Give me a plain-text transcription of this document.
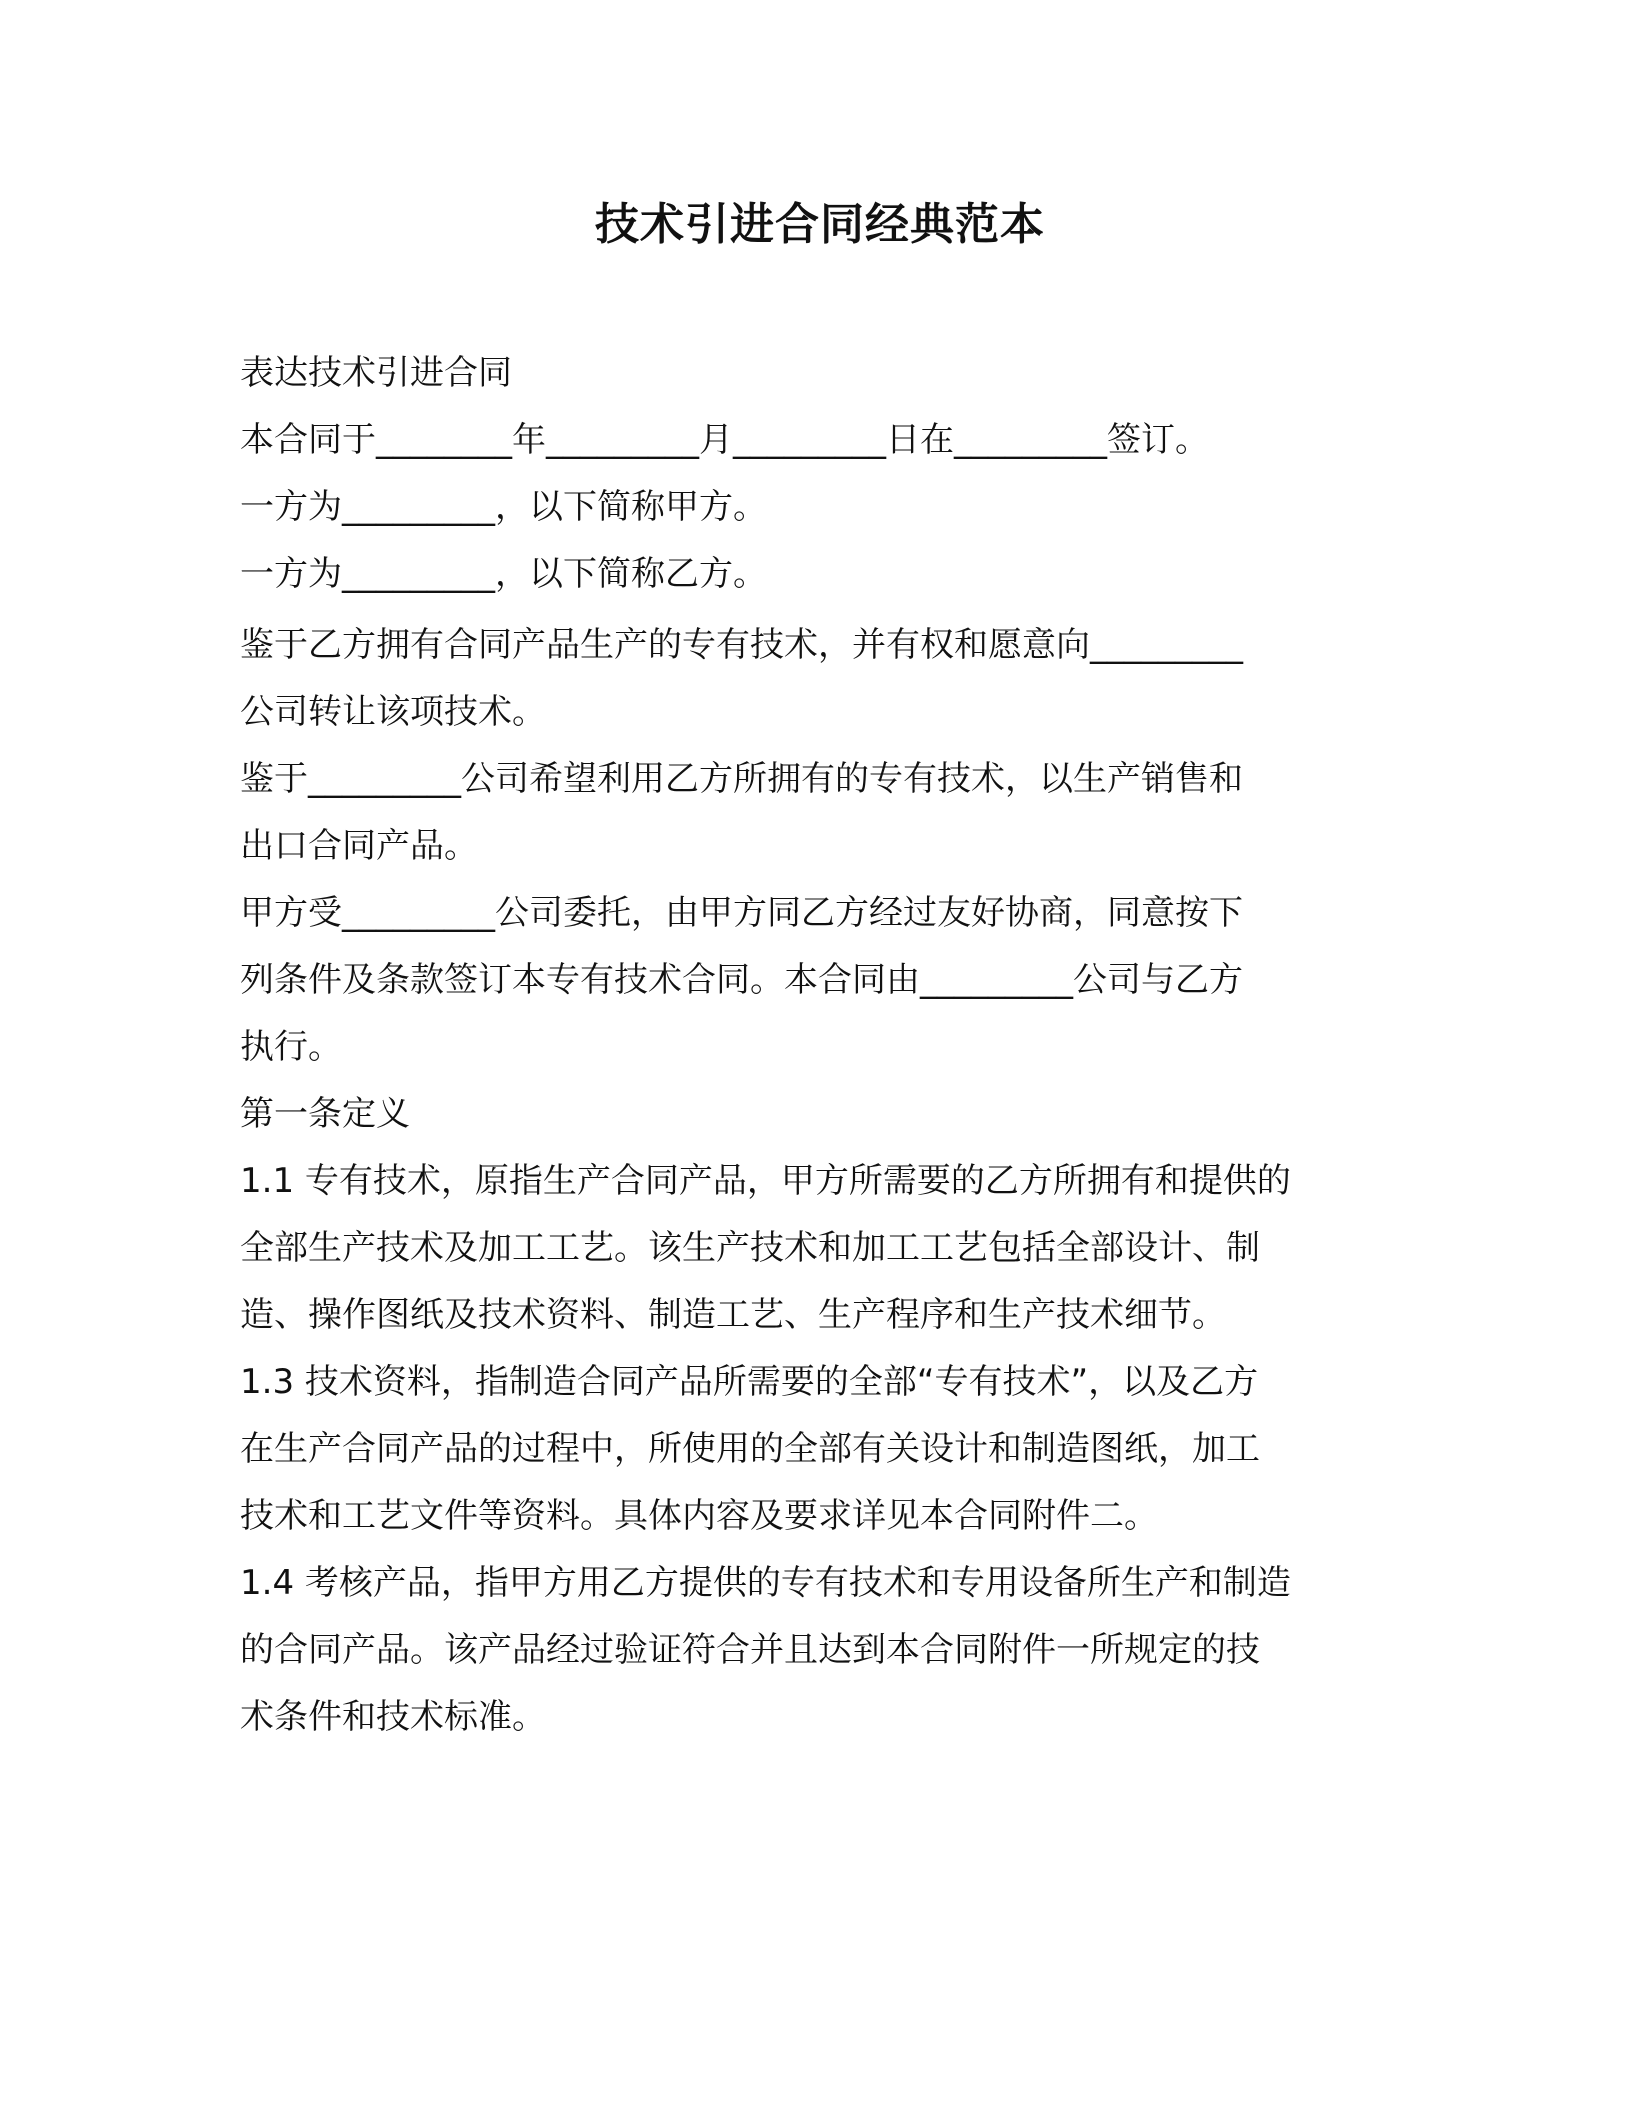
技术引进合同经典范本

表达技术引进合同

本合同于________年_________月_________日在_________签订。

一方为_________，以下简称甲方。

一方为_________，以下简称乙方。

鉴于乙方拥有合同产品生产的专有技术，并有权和愿意向_________
公司转让该项技术。

鉴于_________公司希望利用乙方所拥有的专有技术，以生产销售和
出口合同产品。

甲方受_________公司委托，由甲方同乙方经过友好协商，同意按下
列条件及条款签订本专有技术合同。本合同由_________公司与乙方
执行。

第一条定义

1.1 专有技术，原指生产合同产品，甲方所需要的乙方所拥有和提供的
全部生产技术及加工工艺。该生产技术和加工工艺包括全部设计、制
造、操作图纸及技术资料、制造工艺、生产程序和生产技术细节。

1.3 技术资料，指制造合同产品所需要的全部“专有技术”，以及乙方
在生产合同产品的过程中，所使用的全部有关设计和制造图纸，加工
技术和工艺文件等资料。具体内容及要求详见本合同附件二。

1.4 考核产品，指甲方用乙方提供的专有技术和专用设备所生产和制造
的合同产品。该产品经过验证符合并且达到本合同附件一所规定的技
术条件和技术标准。
